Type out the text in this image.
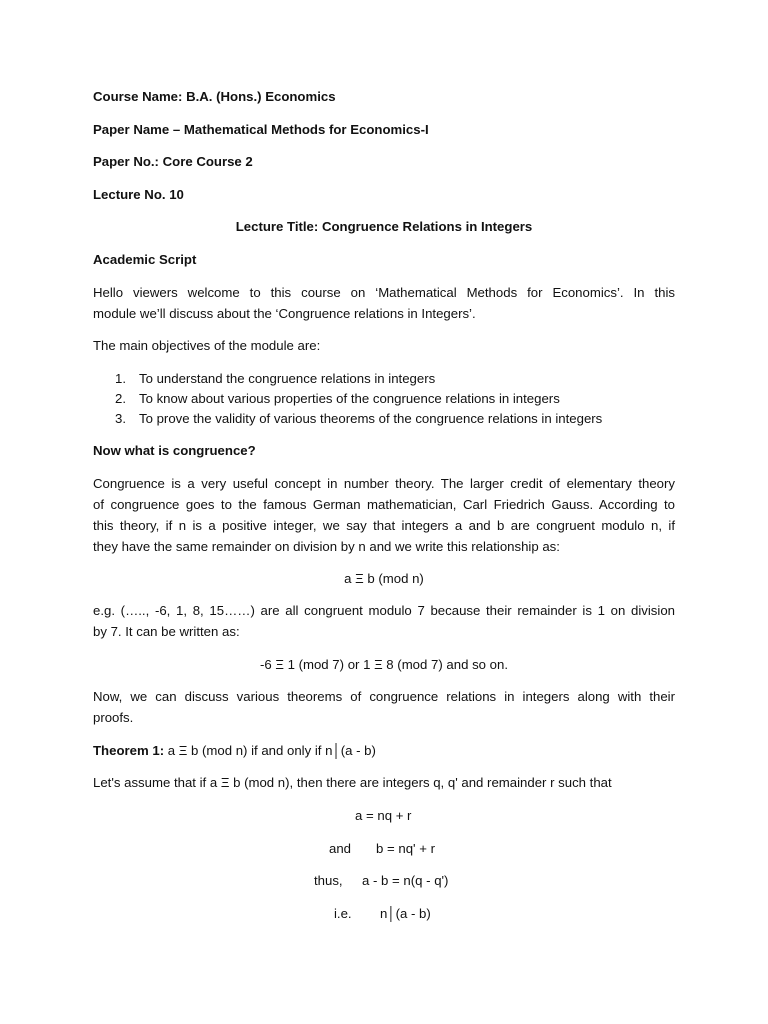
Course Name: B.A. (Hons.) Economics

Paper Name – Mathematical Methods for Economics-I

Paper No.: Core Course 2

Lecture No. 10

Lecture Title: Congruence Relations in Integers

Academic Script

Hello viewers welcome to this course on ‘Mathematical Methods for Economics’. In this

module we’ll discuss about the ‘Congruence relations in Integers’.

The main objectives of the module are:

1. To understand the congruence relations in integers

2. To know about various properties of the congruence relations in integers

3. To prove the validity of various theorems of the congruence relations in integers

Now what is congruence?

Congruence is a very useful concept in number theory. The larger credit of elementary theory

of congruence goes to the famous German mathematician, Carl Friedrich Gauss. According to

this theory, if n is a positive integer, we say that integers a and b are congruent modulo n, if

they have the same remainder on division by n and we write this relationship as:

a Ξ b (mod n)

e.g. (….., -6, 1, 8, 15……) are all congruent modulo 7 because their remainder is 1 on division

by 7. It can be written as:

-6 Ξ 1 (mod 7) or 1 Ξ 8 (mod 7) and so on.

Now, we can discuss various theorems of congruence relations in integers along with their

proofs.

Theorem 1: a Ξ b (mod n) if and only if n│(a - b)

Let's assume that if a Ξ b (mod n), then there are integers q, q' and remainder r such that

a = nq + r
and b = nq' + r
thus, a - b = n(q - q')
i.e. n│(a - b)
